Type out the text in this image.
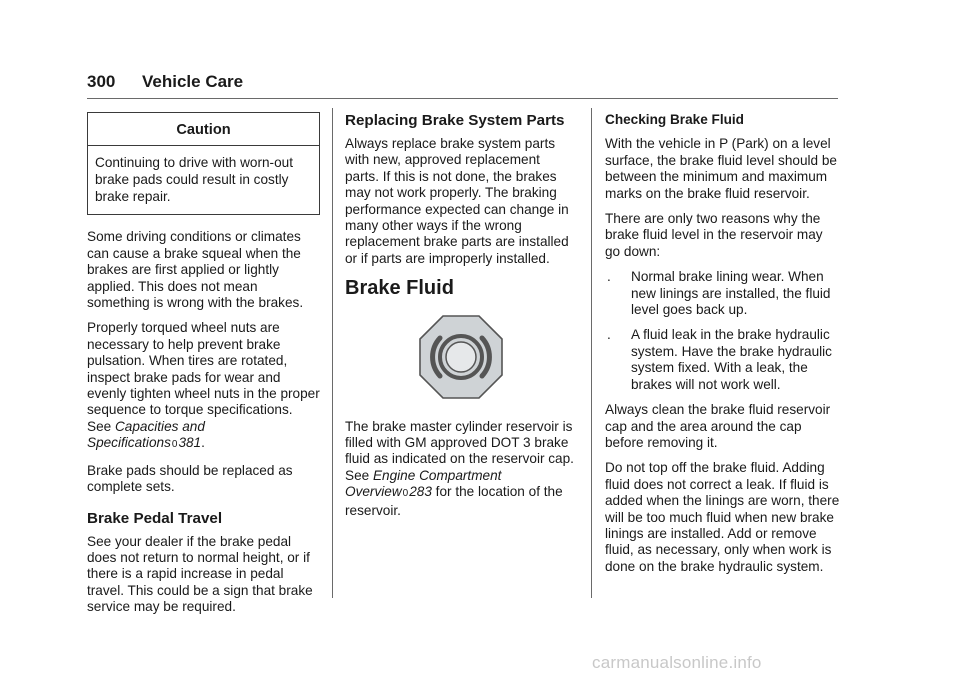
300 Vehicle Care
Caution
Continuing to drive with worn-out brake pads could result in costly brake repair.

Some driving conditions or climates can cause a brake squeal when the brakes are first applied or lightly applied. This does not mean something is wrong with the brakes.

Properly torqued wheel nuts are necessary to help prevent brake pulsation. When tires are rotated, inspect brake pads for wear and evenly tighten wheel nuts in the proper sequence to torque specifications. See Capacities and Specifications0381.

Brake pads should be replaced as complete sets.

Brake Pedal Travel

See your dealer if the brake pedal does not return to normal height, or if there is a rapid increase in pedal travel. This could be a sign that brake service may be required.

Replacing Brake System Parts

Always replace brake system parts with new, approved replacement parts. If this is not done, the brakes may not work properly. The braking performance expected can change in many other ways if the wrong replacement brake parts are installed or if parts are improperly installed.

Brake Fluid

The brake master cylinder reservoir is filled with GM approved DOT 3 brake fluid as indicated on the reservoir cap. See Engine Compartment Overview0283 for the location of the reservoir.

Checking Brake Fluid

With the vehicle in P (Park) on a level surface, the brake fluid level should be between the minimum and maximum marks on the brake fluid reservoir.

There are only two reasons why the brake fluid level in the reservoir may go down:

.	Normal brake lining wear. When new linings are installed, the fluid level goes back up.
.	A fluid leak in the brake hydraulic system. Have the brake hydraulic system fixed. With a leak, the brakes will not work well.

Always clean the brake fluid reservoir cap and the area around the cap before removing it.

Do not top off the brake fluid. Adding fluid does not correct a leak. If fluid is added when the linings are worn, there will be too much fluid when new brake linings are installed. Add or remove fluid, as necessary, only when work is done on the brake hydraulic system.

carmanualsonline.info
